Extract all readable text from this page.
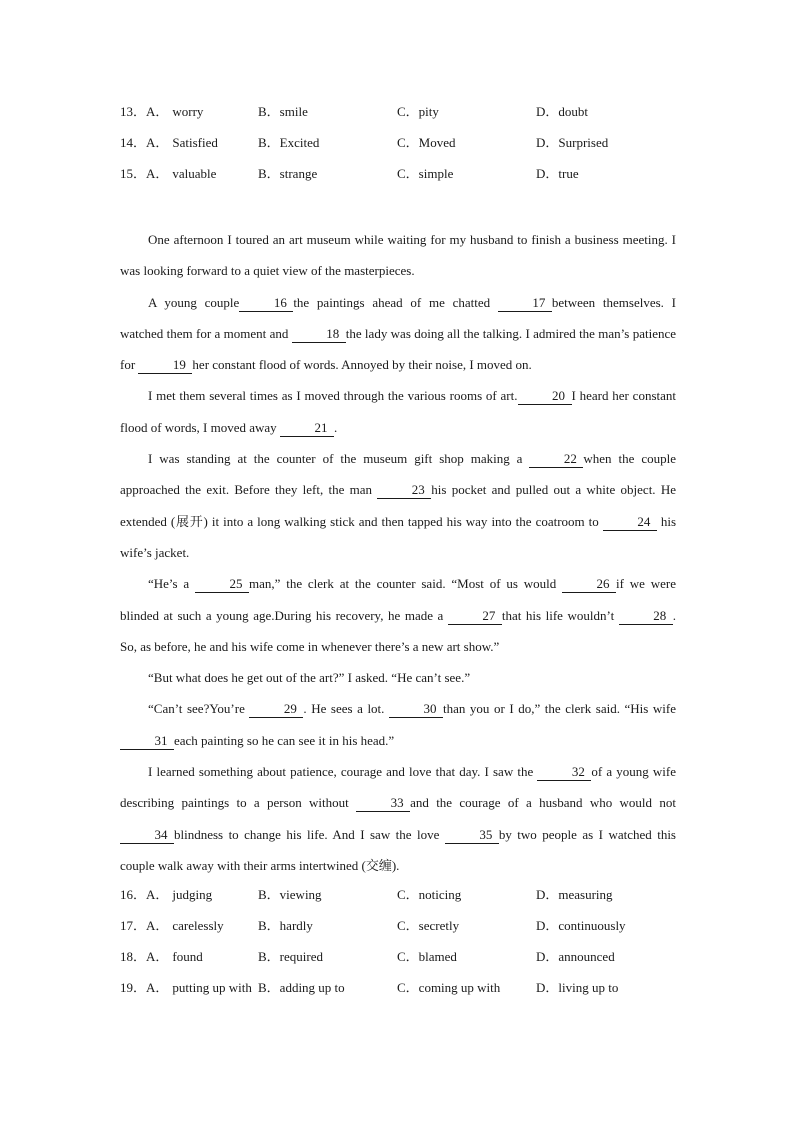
13．A． worry	B．smile	C．pity	D．doubt
14．A． Satisfied	B．Excited	C．Moved	D．Surprised
15．A． valuable	B．strange	C．simple	D．true

One afternoon I toured an art museum while waiting for my husband to finish a business meeting. I was looking forward to a quiet view of the masterpieces.

A young couple	16 the paintings ahead of me chatted	17 between themselves. I watched them for a moment and	18 the lady was doing all the talking. I admired the man’s patience for	19 her constant flood of words. Annoyed by their noise, I moved on.

I met them several times as I moved through the various rooms of art.	20 I heard her constant flood of words, I moved away	21 .

I was standing at the counter of the museum gift shop making a	22 when the couple approached the exit. Before they left, the man	23 his pocket and pulled out a white object. He extended (展开) it into a long walking stick and then tapped his way into the coatroom to	24 his wife’s jacket.

“He’s a	25 man,” the clerk at the counter said. “Most of us would	26 if we were blinded at such a young age.During his recovery, he made a	27 that his life wouldn’t	28 . So, as before, he and his wife come in whenever there’s a new art show.”

“But what does he get out of the art?” I asked. “He can’t see.”

“Can’t see?You’re	29 . He sees a lot.	30 than you or I do,” the clerk said. “His wife 31 each painting so he can see it in his head.”

I learned something about patience, courage and love that day. I saw the	32 of a young wife describing paintings to a person without	33 and the courage of a husband who would not 34 blindness to change his life. And I saw the love	35 by two people as I watched this couple walk away with their arms intertwined (交缠).

16．A． judging	B．viewing	C．noticing	D．measuring
17．A． carelessly	B．hardly	C．secretly	D．continuously
18．A． found	B．required	C．blamed	D．announced
19．A． putting up with B．adding up to	C．coming up with	D．living up to
